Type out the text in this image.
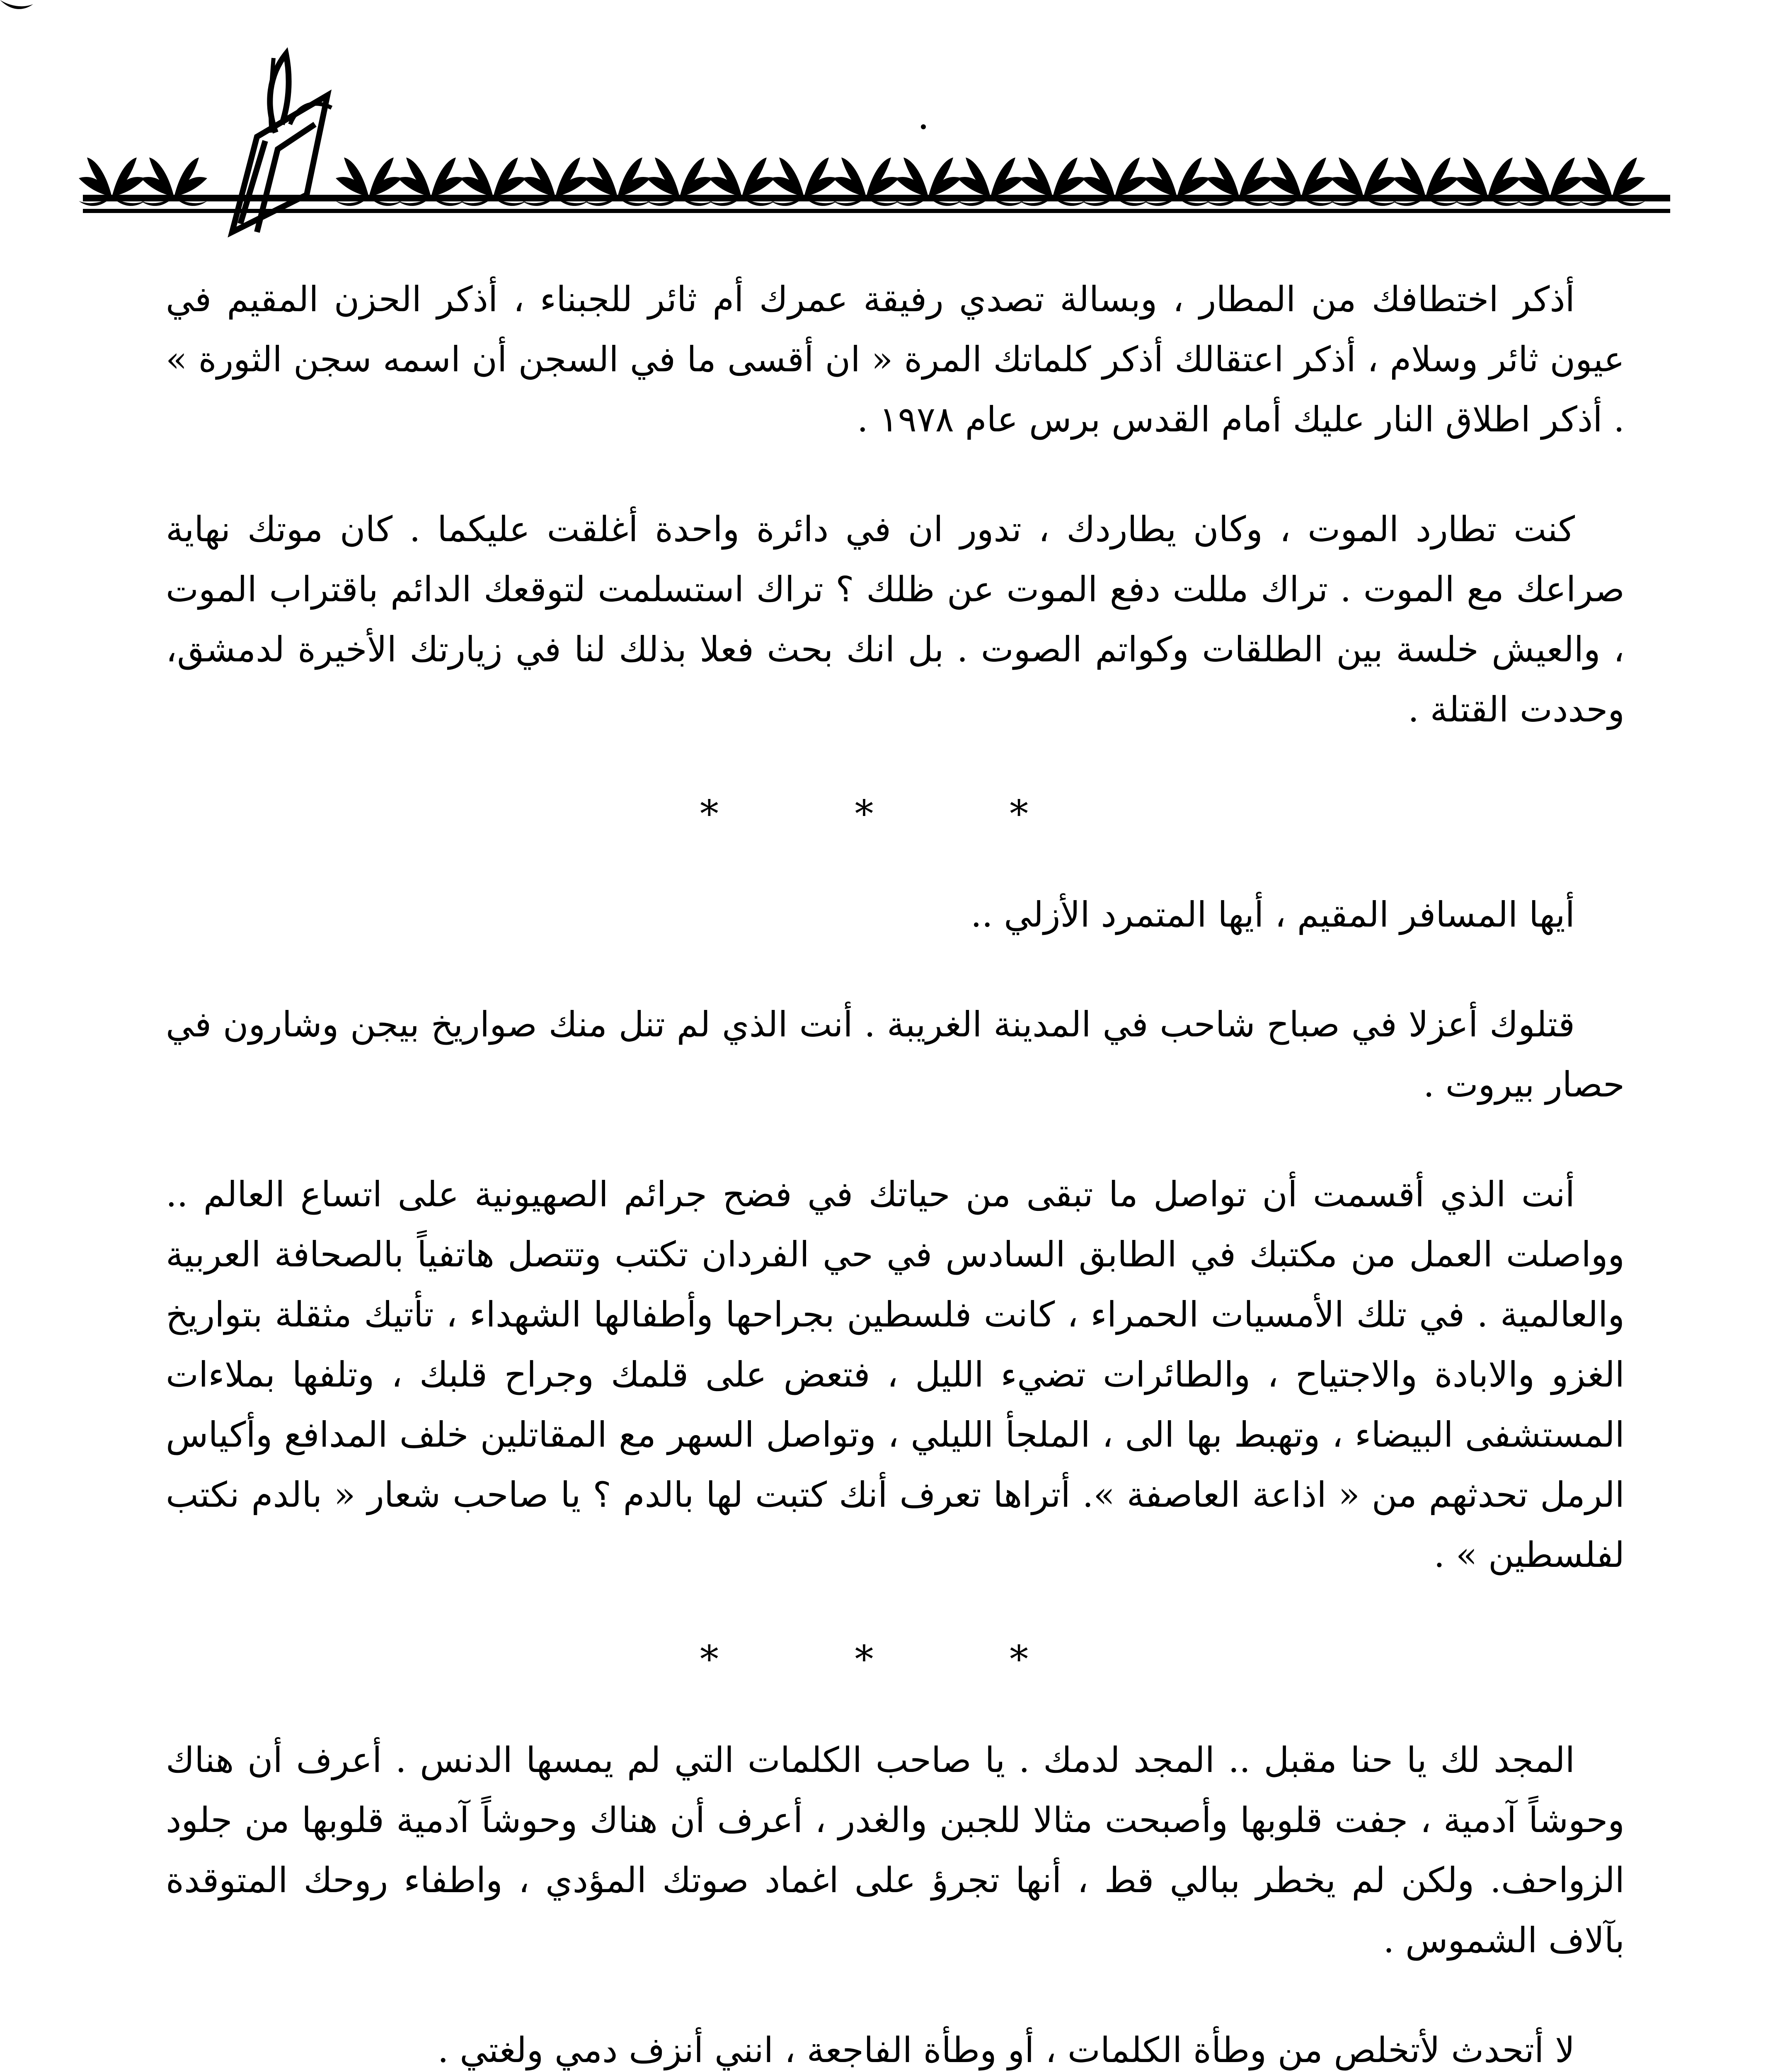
أذكر اختطافك من المطار ، وبسالة تصدي رفيقة عمرك أم ثائر للجبناء ، أذكر الحزن المقيم في عيون ثائر وسلام ، أذكر اعتقالك أذكر كلماتك المرة « ان أقسى ما في السجن أن اسمه سجن الثورة » . أذكر اطلاق النار عليك أمام القدس برس عام ١٩٧٨ .

كنت تطارد الموت ، وكان يطاردك ، تدور ان في دائرة واحدة أغلقت عليكما . كان موتك نهاية صراعك مع الموت . تراك مللت دفع الموت عن ظلك ؟ تراك استسلمت لتوقعك الدائم باقتراب الموت ، والعيش خلسة بين الطلقات وكواتم الصوت . بل انك بحث فعلا بذلك لنا في زيارتك الأخيرة لدمشق، وحددت القتلة .

* * *

أيها المسافر المقيم ، أيها المتمرد الأزلي ..

قتلوك أعزلا في صباح شاحب في المدينة الغريبة . أنت الذي لم تنل منك صواريخ بيجن وشارون في حصار بيروت .

أنت الذي أقسمت أن تواصل ما تبقى من حياتك في فضح جرائم الصهيونية على اتساع العالم .. وواصلت العمل من مكتبك في الطابق السادس في حي الفردان تكتب وتتصل هاتفياً بالصحافة العربية والعالمية . في تلك الأمسيات الحمراء ، كانت فلسطين بجراحها وأطفالها الشهداء ، تأتيك مثقلة بتواريخ الغزو والابادة والاجتياح ، والطائرات تضيء الليل ، فتعض على قلمك وجراح قلبك ، وتلفها بملاءات المستشفى البيضاء ، وتهبط بها الى ، الملجأ الليلي ، وتواصل السهر مع المقاتلين خلف المدافع وأكياس الرمل تحدثهم من « اذاعة العاصفة ». أتراها تعرف أنك كتبت لها بالدم ؟ يا صاحب شعار « بالدم نكتب لفلسطين » .

* * *

المجد لك يا حنا مقبل .. المجد لدمك . يا صاحب الكلمات التي لم يمسها الدنس . أعرف أن هناك وحوشاً آدمية ، جفت قلوبها وأصبحت مثالا للجبن والغدر ، أعرف أن هناك وحوشاً آدمية قلوبها من جلود الزواحف. ولكن لم يخطر ببالي قط ، أنها تجرؤ على اغماد صوتك المؤدي ، واطفاء روحك المتوقدة بآلاف الشموس .

لا أتحدث لأتخلص من وطأة الكلمات ، أو وطأة الفاجعة ، انني أنزف دمي ولغتي .
